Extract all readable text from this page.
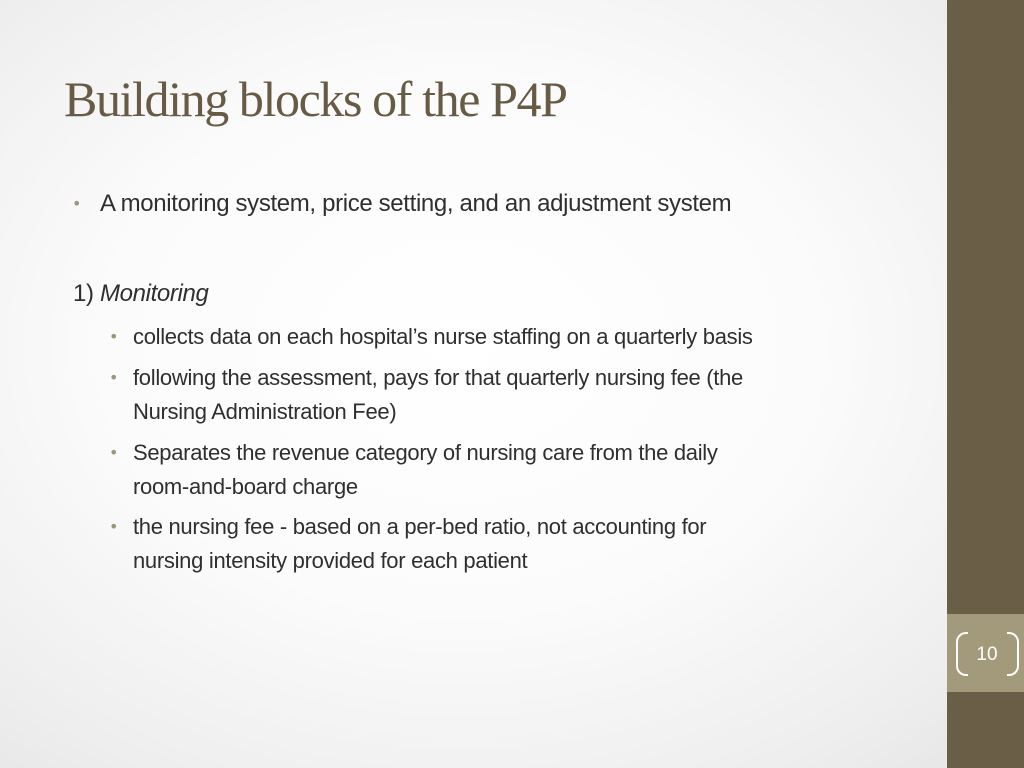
10
Building blocks of the P4P
• A monitoring system, price setting, and an adjustment system
1) Monitoring
• collects data on each hospital’s nurse staffing on a quarterly basis
• following the assessment, pays for that quarterly nursing fee (the
Nursing Administration Fee)
• Separates the revenue category of nursing care from the daily
room-and-board charge
• the nursing fee - based on a per-bed ratio, not accounting for
nursing intensity provided for each patient
